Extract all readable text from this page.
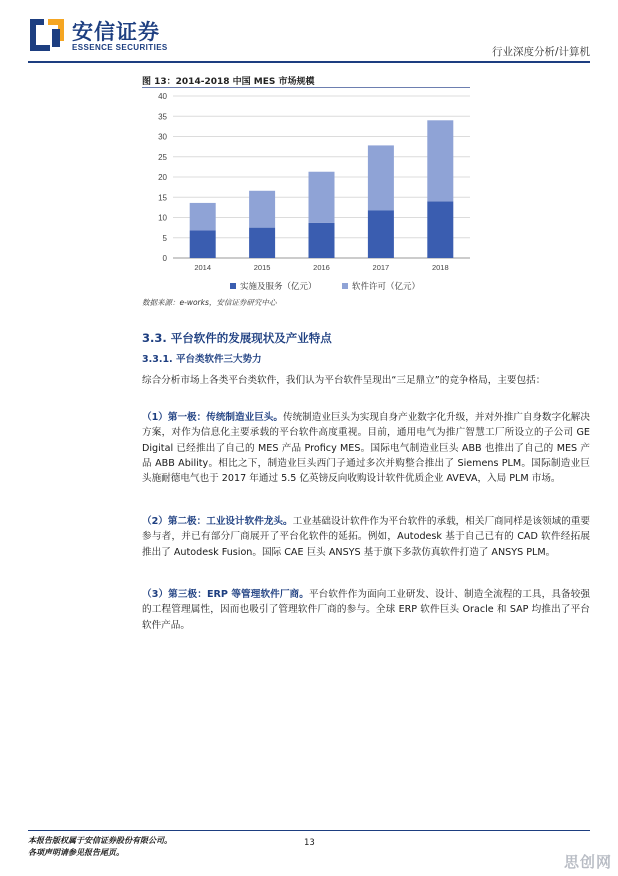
安信证券
ESSENCE SECURITIES	行业深度分析/计算机
图 13：2014-2018 中国 MES 市场规模
0
5
10
15
20
25
30
35
40
2014	2015	2016	2017	2018
实施及服务（亿元）	软件许可（亿元）
数据来源：e-works，安信证券研究中心
3.3. 平台软件的发展现状及产业特点
3.3.1. 平台类软件三大势力
综合分析市场上各类平台类软件，我们认为平台软件呈现出“三足鼎立”的竞争格局，主要包括：
（1）第一极：传统制造业巨头。传统制造业巨头为实现自身产业数字化升级，并对外推广自身数字化解决方案，对作为信息化主要承载的平台软件高度重视。目前，通用电气为推广智慧工厂所设立的子公司 GE Digital 已经推出了自己的 MES 产品 Proficy MES。国际电气制造业巨头 ABB 也推出了自己的 MES 产品 ABB Ability。相比之下，制造业巨头西门子通过多次并购整合推出了 Siemens PLM。国际制造业巨头施耐德电气也于 2017 年通过 5.5 亿英镑反向收购设计软件优质企业 AVEVA，入局 PLM 市场。
（2）第二极：工业设计软件龙头。工业基础设计软件作为平台软件的承载，相关厂商同样是该领域的重要参与者，并已有部分厂商展开了平台化软件的延拓。例如，Autodesk 基于自己已有的 CAD 软件经拓展推出了 Autodesk Fusion。国际 CAE 巨头 ANSYS 基于旗下多款仿真软件打造了 ANSYS PLM。
（3）第三极：ERP 等管理软件厂商。平台软件作为面向工业研发、设计、制造全流程的工具，具备较强的工程管理属性，因而也吸引了管理软件厂商的参与。全球 ERP 软件巨头 Oracle 和 SAP 均推出了平台软件产品。
本报告版权属于安信证券股份有限公司。
各项声明请参见报告尾页。
13
思创网
